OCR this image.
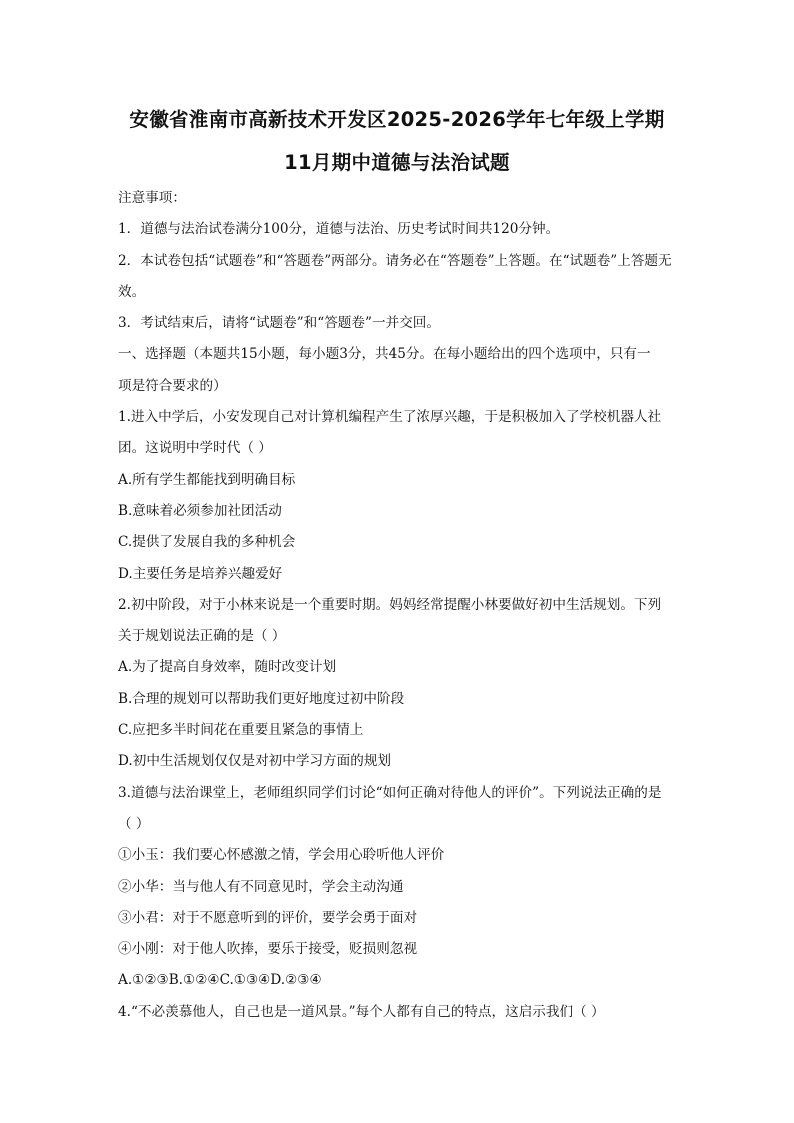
安徽省淮南市高新技术开发区2025-2026学年七年级上学期
11月期中道德与法治试题
注意事项：
1．道德与法治试卷满分100分，道德与法治、历史考试时间共120分钟。
2．本试卷包括“试题卷”和“答题卷”两部分。请务必在“答题卷”上答题。在“试题卷”上答题无
效。
3．考试结束后，请将“试题卷”和“答题卷”一并交回。
一、选择题（本题共15小题，每小题3分，共45分。在每小题给出的四个选项中，只有一
项是符合要求的）
1.进入中学后，小安发现自己对计算机编程产生了浓厚兴趣，于是积极加入了学校机器人社
团。这说明中学时代（ ）
A.所有学生都能找到明确目标
B.意味着必须参加社团活动
C.提供了发展自我的多种机会
D.主要任务是培养兴趣爱好
2.初中阶段，对于小林来说是一个重要时期。妈妈经常提醒小林要做好初中生活规划。下列
关于规划说法正确的是（ ）
A.为了提高自身效率，随时改变计划
B.合理的规划可以帮助我们更好地度过初中阶段
C.应把多半时间花在重要且紧急的事情上
D.初中生活规划仅仅是对初中学习方面的规划
3.道德与法治课堂上，老师组织同学们讨论“如何正确对待他人的评价”。下列说法正确的是
（ ）
①小玉：我们要心怀感激之情，学会用心聆听他人评价
②小华：当与他人有不同意见时，学会主动沟通
③小君：对于不愿意听到的评价，要学会勇于面对
④小刚：对于他人吹捧，要乐于接受，贬损则忽视
A.①②③B.①②④C.①③④D.②③④
4.“不必羡慕他人，自己也是一道风景。”每个人都有自己的特点，这启示我们（ ）
